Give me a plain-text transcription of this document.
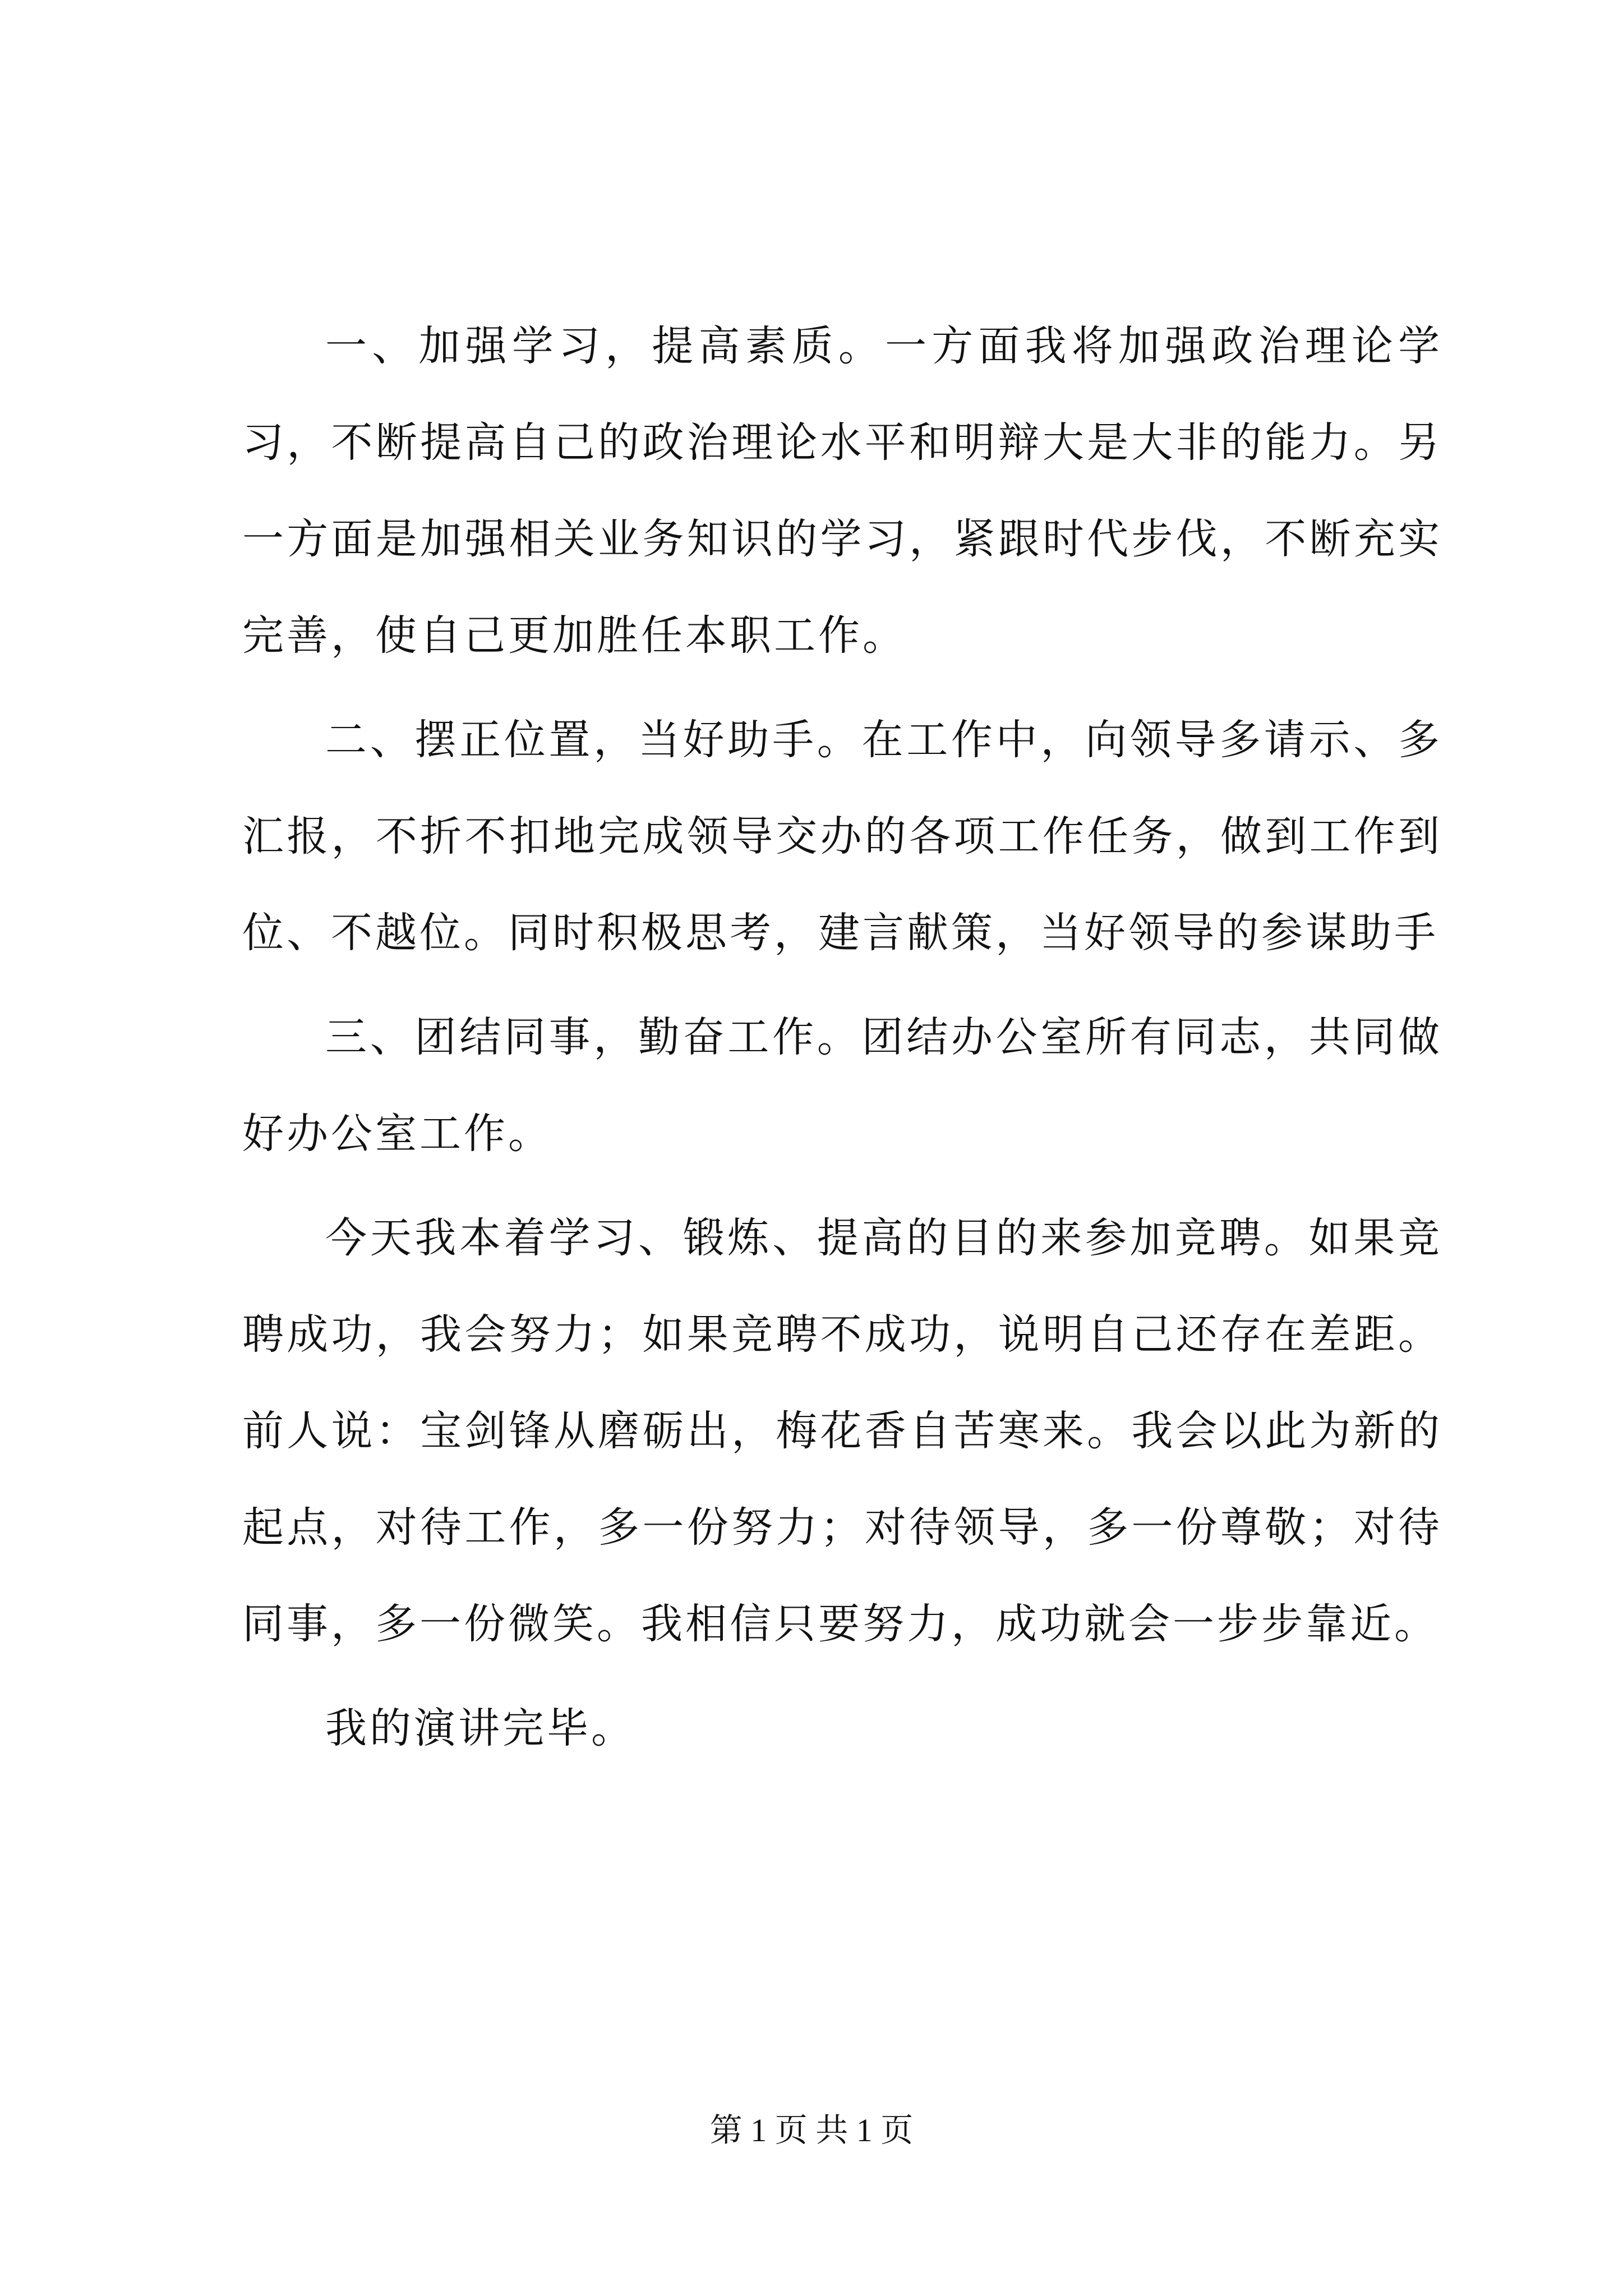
一、加强学习，提高素质。一方面我将加强政治理论学习，不断提高自己的政治理论水平和明辩大是大非的能力。另一方面是加强相关业务知识的学习，紧跟时代步伐，不断充实完善，使自己更加胜任本职工作。

二、摆正位置，当好助手。在工作中，向领导多请示、多汇报，不折不扣地完成领导交办的各项工作任务，做到工作到位、不越位。同时积极思考，建言献策，当好领导的参谋助手

三、团结同事，勤奋工作。团结办公室所有同志，共同做好办公室工作。

今天我本着学习、锻炼、提高的目的来参加竞聘。如果竞聘成功，我会努力；如果竞聘不成功，说明自己还存在差距。前人说：宝剑锋从磨砺出，梅花香自苦寒来。我会以此为新的起点，对待工作，多一份努力；对待领导，多一份尊敬；对待同事，多一份微笑。我相信只要努力，成功就会一步步靠近。

我的演讲完毕。

第 1 页 共 1 页
